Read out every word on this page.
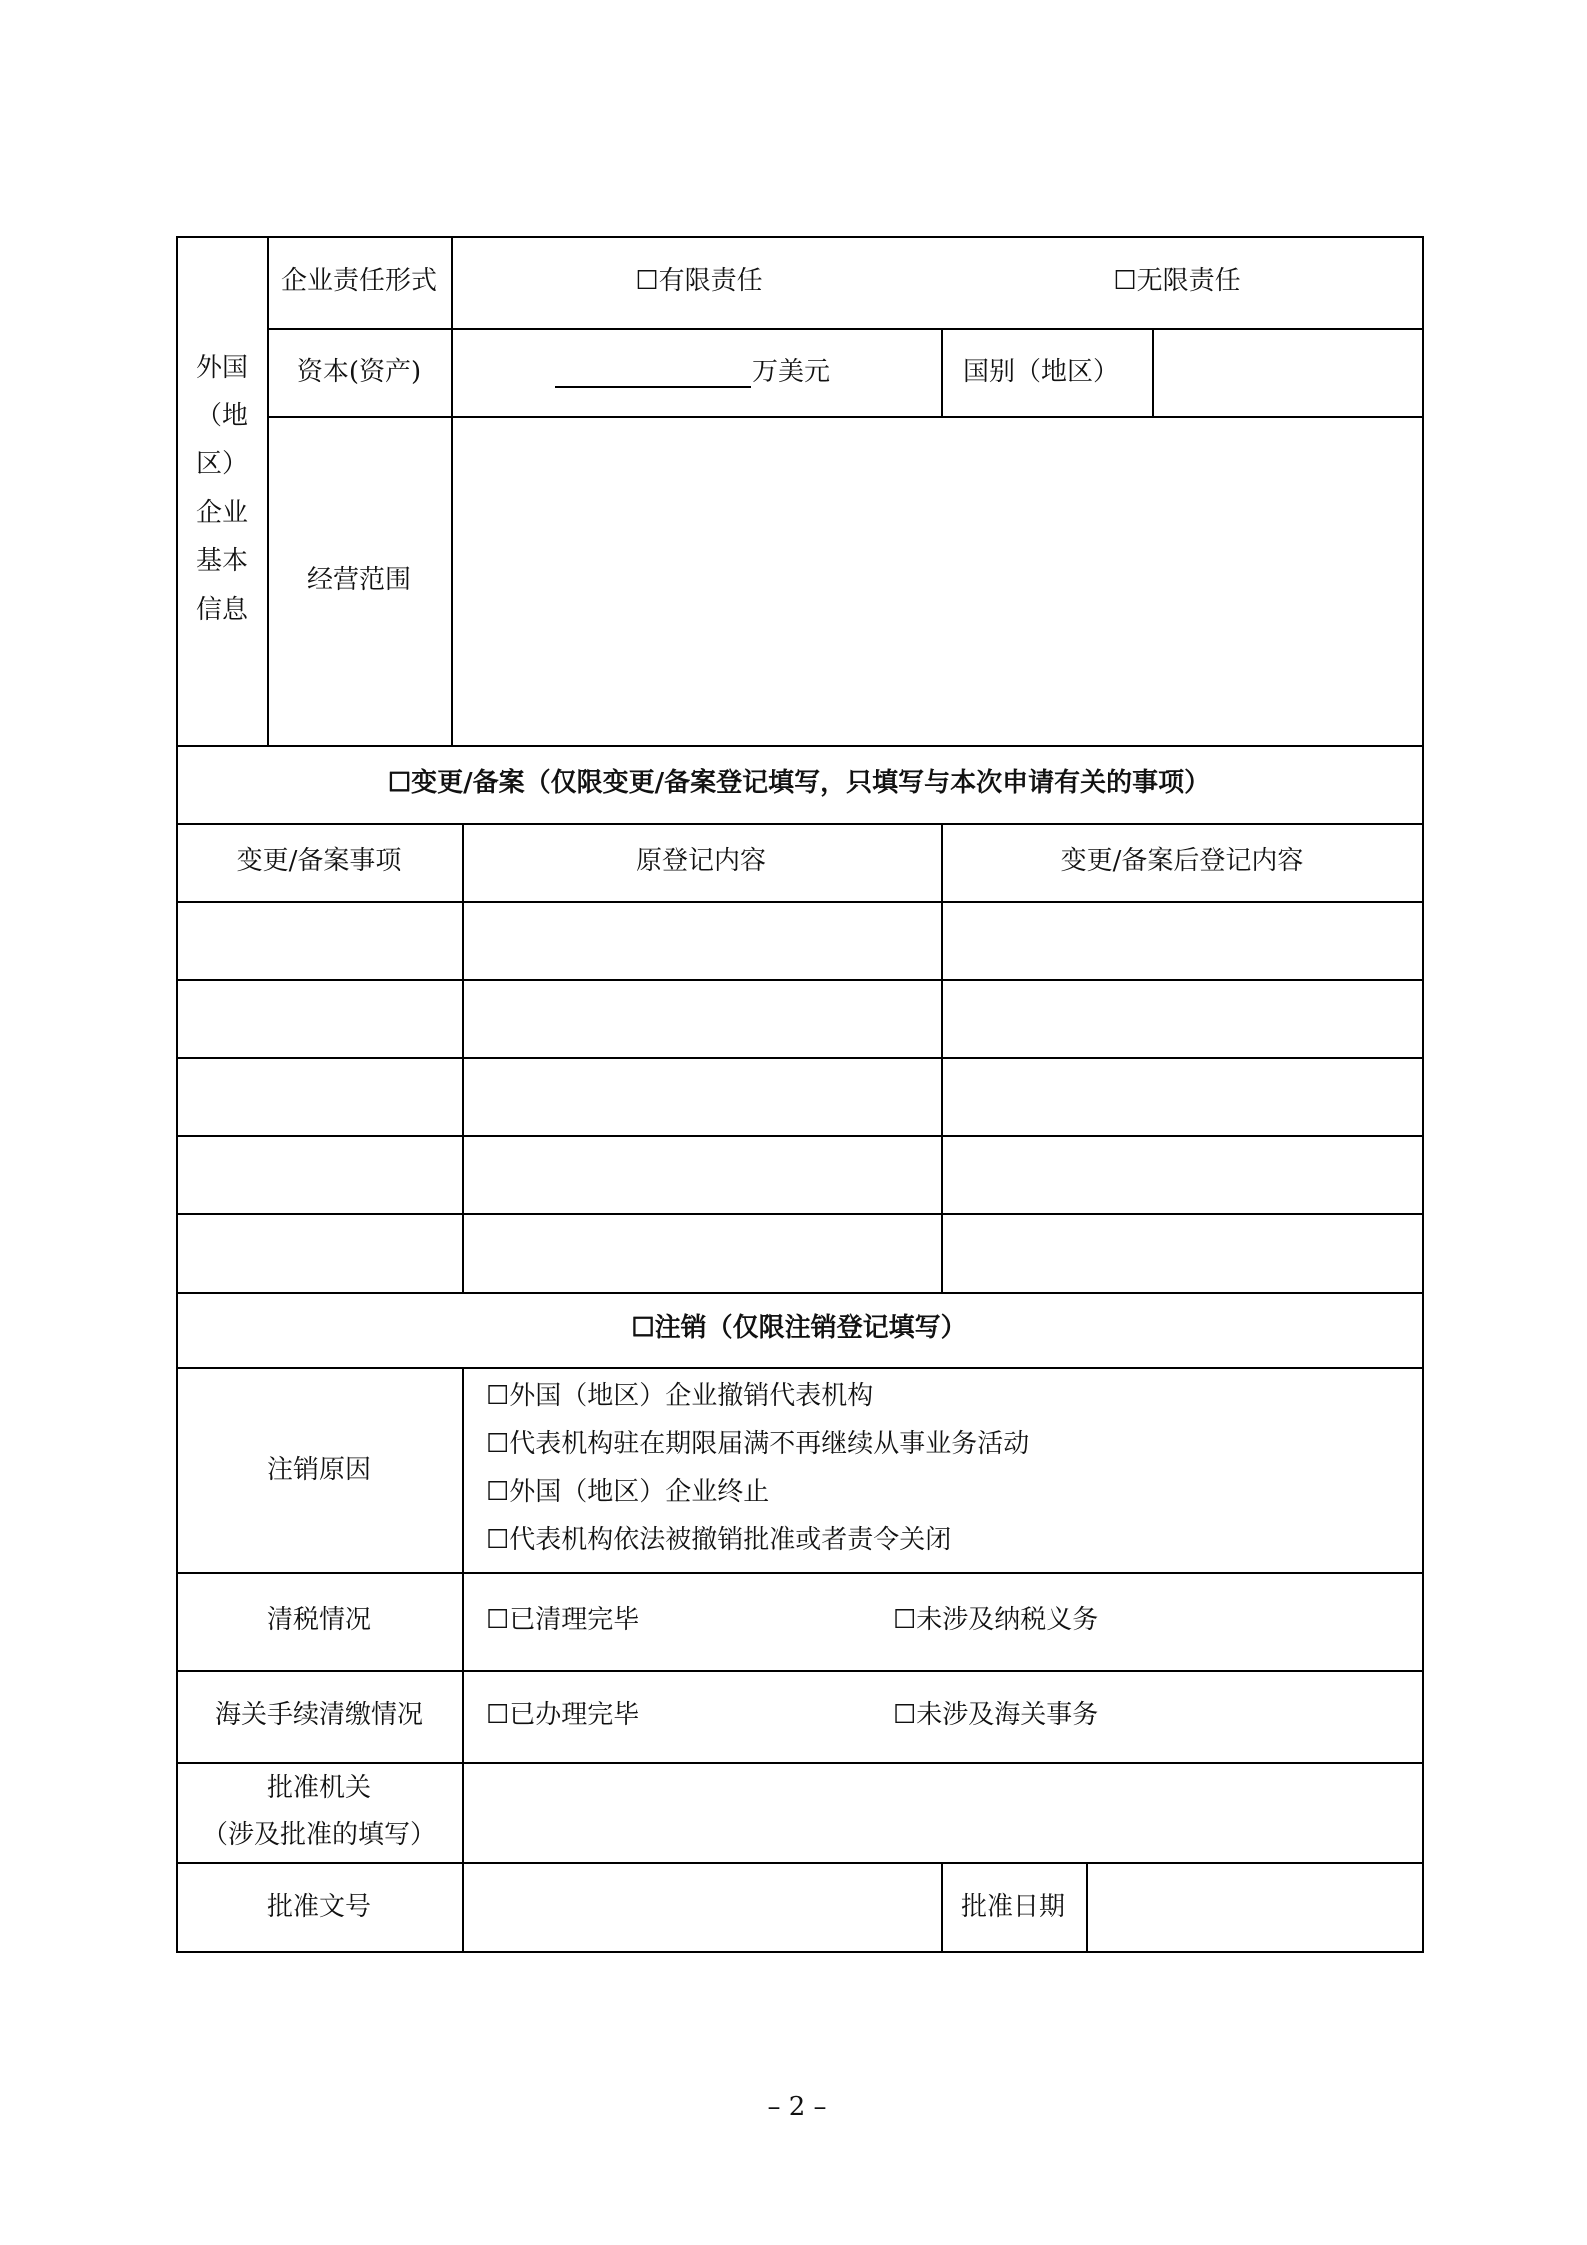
外国
（地
区）
企业
基本
信息
企业责任形式	☐有限责任	☐无限责任
资本(资产)	万美元	国别（地区）
经营范围
☐变更/备案（仅限变更/备案登记填写，只填写与本次申请有关的事项）
变更/备案事项	原登记内容	变更/备案后登记内容
☐注销（仅限注销登记填写）
注销原因
☐外国（地区）企业撤销代表机构
☐代表机构驻在期限届满不再继续从事业务活动
☐外国（地区）企业终止
☐代表机构依法被撤销批准或者责令关闭
清税情况	☐已清理完毕	☐未涉及纳税义务
海关手续清缴情况 ☐已办理完毕	☐未涉及海关事务
批准机关
（涉及批准的填写）
批准文号	批准日期
– 2 –
